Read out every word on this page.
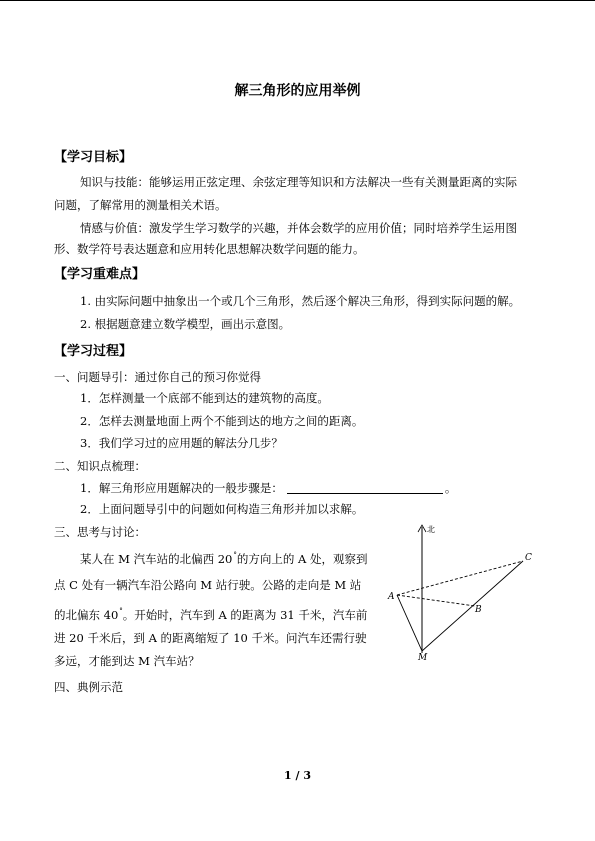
解三角形的应用举例
【学习目标】
知识与技能：能够运用正弦定理、余弦定理等知识和方法解决一些有关测量距离的实际
问题，了解常用的测量相关术语。
情感与价值：激发学生学习数学的兴趣，并体会数学的应用价值；同时培养学生运用图
形、数学符号表达题意和应用转化思想解决数学问题的能力。
【学习重难点】
1. 由实际问题中抽象出一个或几个三角形，然后逐个解决三角形，得到实际问题的解。
2. 根据题意建立数学模型，画出示意图。
【学习过程】
一、问题导引：通过你自己的预习你觉得
1．怎样测量一个底部不能到达的建筑物的高度。
2．怎样去测量地面上两个不能到达的地方之间的距离。
3．我们学习过的应用题的解法分几步？
二、知识点梳理：
1．解三角形应用题解决的一般步骤是：	。
2．上面问题导引中的问题如何构造三角形并加以求解。
三、思考与讨论：
某人在 M 汽车站的北偏西 20°的方向上的 A 处，观察到
点 C 处有一辆汽车沿公路向 M 站行驶。公路的走向是 M 站
的北偏东 40°。开始时，汽车到 A 的距离为 31 千米，汽车前
进 20 千米后，到 A 的距离缩短了 10 千米。问汽车还需行驶
多远，才能到达 M 汽车站？
四、典例示范
北
A
B
C
M
1 / 3
